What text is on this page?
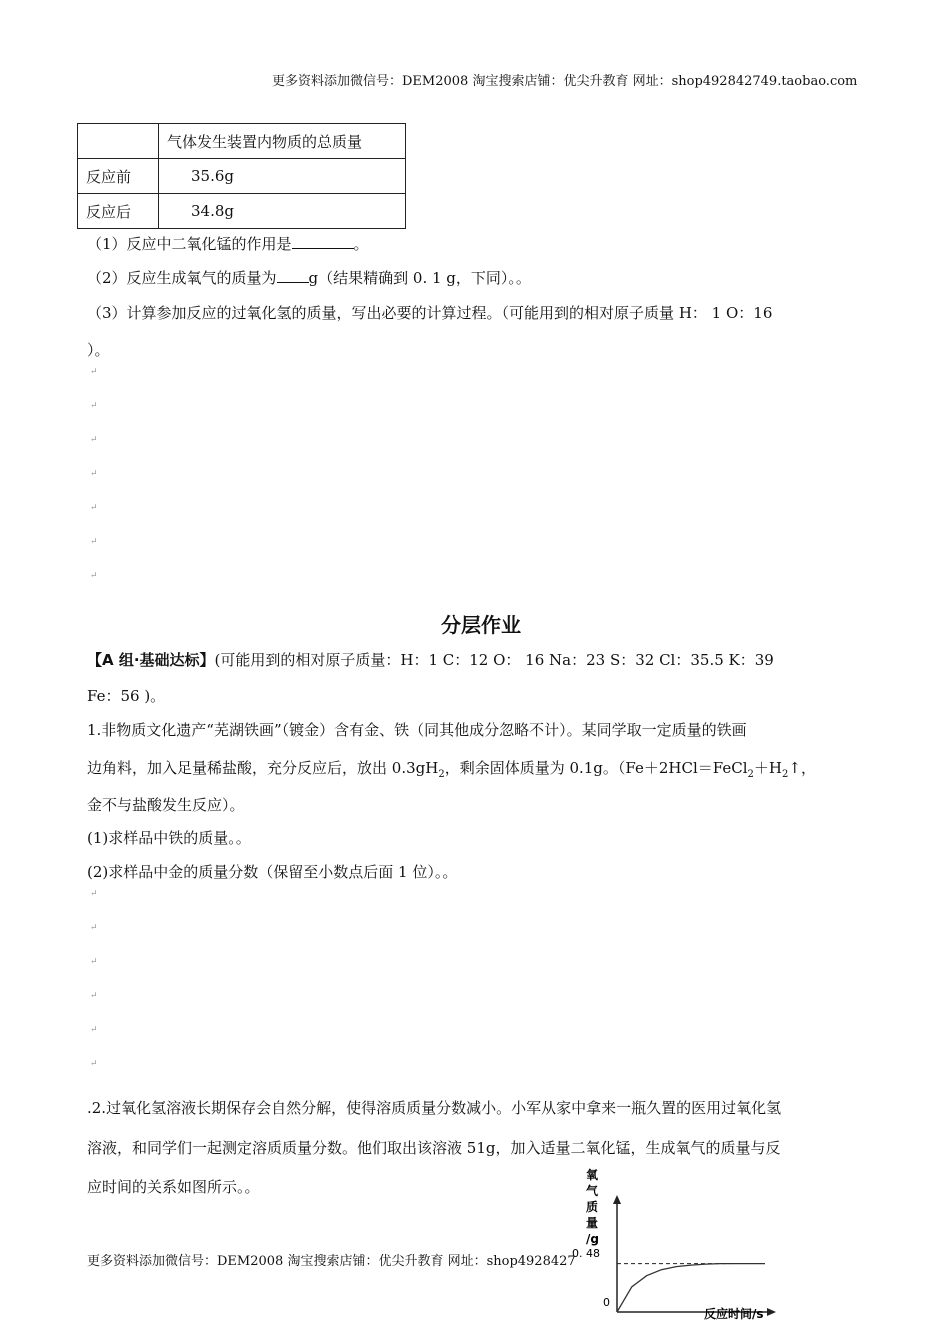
更多资料添加微信号：DEM2008 淘宝搜索店铺：优尖升教育 网址：shop492842749.taobao.com
	气体发生装置内物质的总质量
反应前	35.6g
反应后	34.8g
（1）反应中二氧化锰的作用是	。
（2）反应生成氧气的质量为 g（结果精确到 0. 1 g，下同）。。
（3）计算参加反应的过氧化氢的质量，写出必要的计算过程。（可能用到的相对原子质量 H： 1 O：16
）。
↵
↵
↵
↵
↵
↵
↵
分层作业
【A 组·基础达标】(可能用到的相对原子质量：H：1 C：12 O： 16 Na：23 S：32 Cl：35.5 K：39
Fe：56 )。
1.非物质文化遗产“芜湖铁画”（镀金）含有金、铁（同其他成分忽略不计）。某同学取一定质量的铁画
边角料，加入足量稀盐酸，充分反应后，放出 $0.3gH_2$，剩余固体质量为 0.1g。（$Fe+2HCl=FeCl_2+H_2↑$，
金不与盐酸发生反应）。
(1)求样品中铁的质量。。
(2)求样品中金的质量分数（保留至小数点后面 1 位）。。
↵
↵
↵
↵
↵
↵
.2.过氧化氢溶液长期保存会自然分解，使得溶质质量分数减小。小军从家中拿来一瓶久置的医用过氧化氢
溶液，和同学们一起测定溶质质量分数。他们取出该溶液 51g，加入适量二氧化锰，生成氧气的质量与反
应时间的关系如图所示。。
氧
气
质
量
/g
0. 48
0
反应时间/s
更多资料添加微信号：DEM2008 淘宝搜索店铺：优尖升教育 网址：shop4928427
